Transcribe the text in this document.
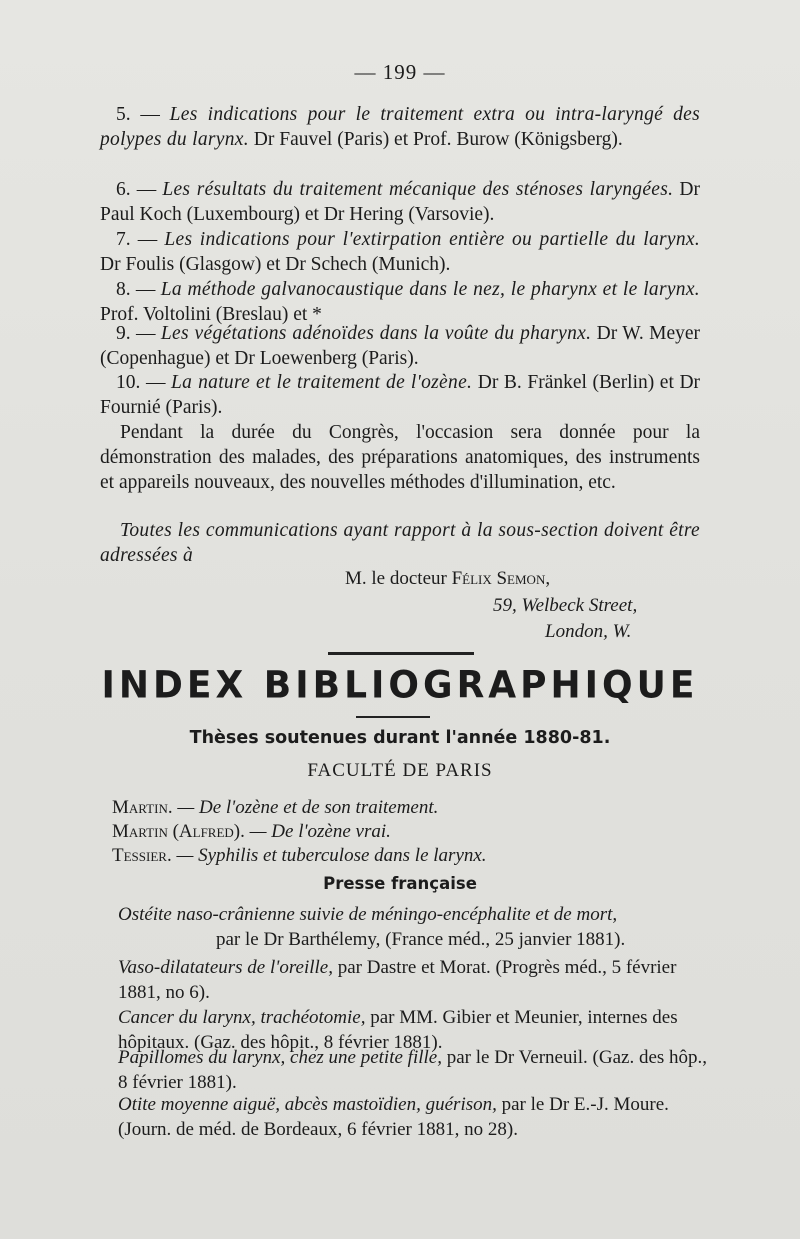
— 199 —
5. — Les indications pour le traitement extra ou intra-laryngé des polypes du larynx. Dr Fauvel (Paris) et Prof. Burow (Königsberg).
6. — Les résultats du traitement mécanique des sténoses laryngées. Dr Paul Koch (Luxembourg) et Dr Hering (Varsovie).
7. — Les indications pour l'extirpation entière ou partielle du larynx. Dr Foulis (Glasgow) et Dr Schech (Munich).
8. — La méthode galvanocaustique dans le nez, le pharynx et le larynx. Prof. Voltolini (Breslau) et *
9. — Les végétations adénoïdes dans la voûte du pharynx. Dr W. Meyer (Copenhague) et Dr Loewenberg (Paris).
10. — La nature et le traitement de l'ozène. Dr B. Fränkel (Berlin) et Dr Fournié (Paris).
Pendant la durée du Congrès, l'occasion sera donnée pour la démonstration des malades, des préparations anatomiques, des instruments et appareils nouveaux, des nouvelles méthodes d'illumination, etc.
Toutes les communications ayant rapport à la sous-section doivent être adressées à
M. le docteur Félix Semon,
59, Welbeck Street,
London, W.
INDEX BIBLIOGRAPHIQUE
Thèses soutenues durant l'année 1880-81.
FACULTÉ DE PARIS
Martin. — De l'ozène et de son traitement.
Martin (Alfred). — De l'ozène vrai.
Tessier. — Syphilis et tuberculose dans le larynx.
Presse française
Ostéite naso-crânienne suivie de méningo-encéphalite et de mort,
par le Dr Barthélemy, (France méd., 25 janvier 1881).
Vaso-dilatateurs de l'oreille, par Dastre et Morat. (Progrès méd., 5 février 1881, no 6).
Cancer du larynx, trachéotomie, par MM. Gibier et Meunier, internes des hôpitaux. (Gaz. des hôpit., 8 février 1881).
Papillomes du larynx, chez une petite fille, par le Dr Verneuil. (Gaz. des hôp., 8 février 1881).
Otite moyenne aiguë, abcès mastoïdien, guérison, par le Dr E.-J. Moure. (Journ. de méd. de Bordeaux, 6 février 1881, no 28).
